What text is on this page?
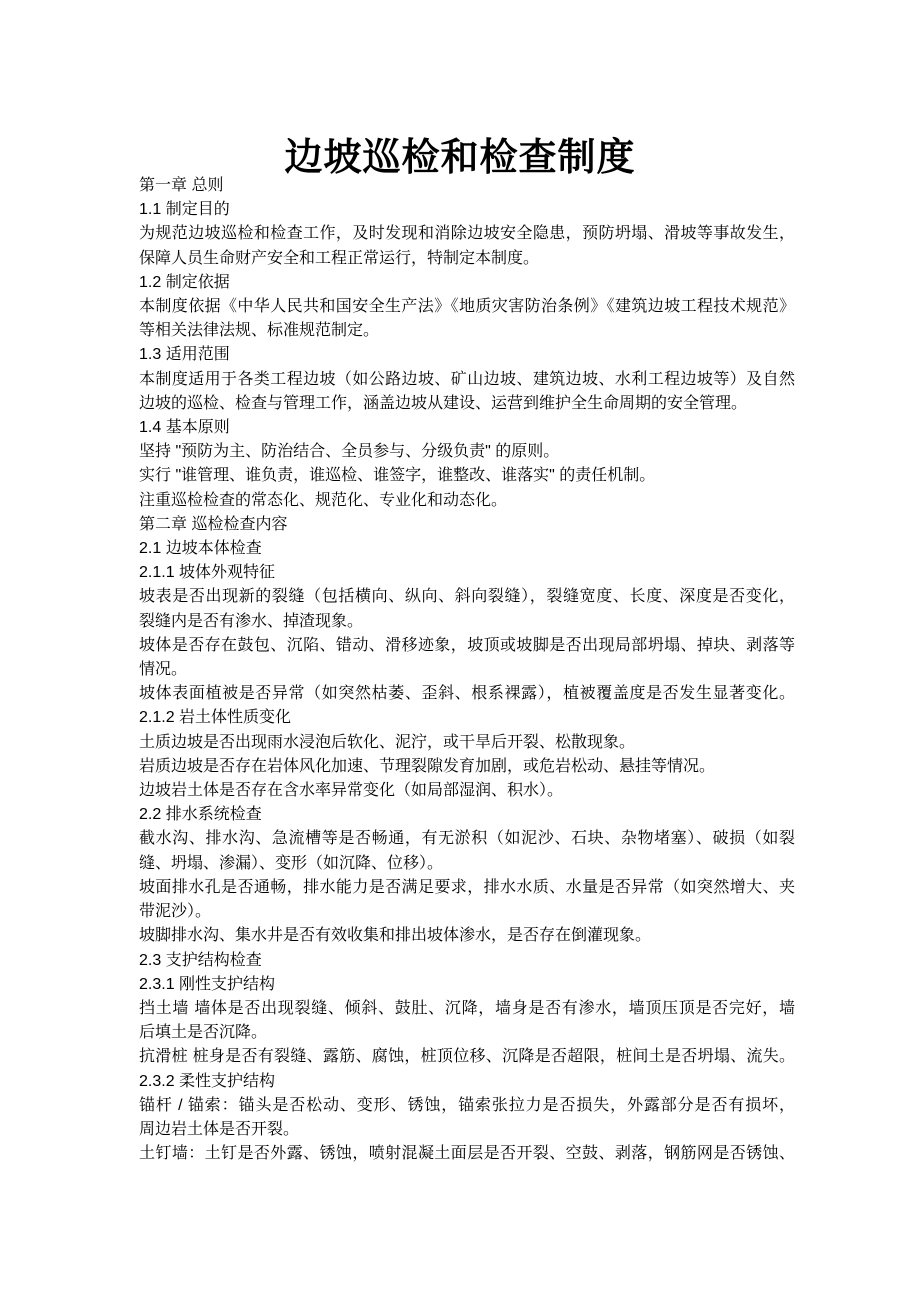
边坡巡检和检查制度
第一章 总则
1.1 制定目的
为规范边坡巡检和检查工作，及时发现和消除边坡安全隐患，预防坍塌、滑坡等事故发生，
保障人员生命财产安全和工程正常运行，特制定本制度。
1.2 制定依据
本制度依据《中华人民共和国安全生产法》《地质灾害防治条例》《建筑边坡工程技术规范》
等相关法律法规、标准规范制定。
1.3 适用范围
本制度适用于各类工程边坡（如公路边坡、矿山边坡、建筑边坡、水利工程边坡等）及自然
边坡的巡检、检查与管理工作，涵盖边坡从建设、运营到维护全生命周期的安全管理。
1.4 基本原则
坚持 "预防为主、防治结合、全员参与、分级负责" 的原则。
实行 "谁管理、谁负责，谁巡检、谁签字，谁整改、谁落实" 的责任机制。
注重巡检检查的常态化、规范化、专业化和动态化。
第二章 巡检检查内容
2.1 边坡本体检查
2.1.1 坡体外观特征
坡表是否出现新的裂缝（包括横向、纵向、斜向裂缝），裂缝宽度、长度、深度是否变化，
裂缝内是否有渗水、掉渣现象。
坡体是否存在鼓包、沉陷、错动、滑移迹象，坡顶或坡脚是否出现局部坍塌、掉块、剥落等
情况。
坡体表面植被是否异常（如突然枯萎、歪斜、根系裸露），植被覆盖度是否发生显著变化。
2.1.2 岩土体性质变化
土质边坡是否出现雨水浸泡后软化、泥泞，或干旱后开裂、松散现象。
岩质边坡是否存在岩体风化加速、节理裂隙发育加剧，或危岩松动、悬挂等情况。
边坡岩土体是否存在含水率异常变化（如局部湿润、积水）。
2.2 排水系统检查
截水沟、排水沟、急流槽等是否畅通，有无淤积（如泥沙、石块、杂物堵塞）、破损（如裂
缝、坍塌、渗漏）、变形（如沉降、位移）。
坡面排水孔是否通畅，排水能力是否满足要求，排水水质、水量是否异常（如突然增大、夹
带泥沙）。
坡脚排水沟、集水井是否有效收集和排出坡体渗水，是否存在倒灌现象。
2.3 支护结构检查
2.3.1 刚性支护结构
挡土墙 墙体是否出现裂缝、倾斜、鼓肚、沉降，墙身是否有渗水，墙顶压顶是否完好，墙
后填土是否沉降。
抗滑桩 桩身是否有裂缝、露筋、腐蚀，桩顶位移、沉降是否超限，桩间土是否坍塌、流失。
2.3.2 柔性支护结构
锚杆 / 锚索：锚头是否松动、变形、锈蚀，锚索张拉力是否损失，外露部分是否有损坏，
周边岩土体是否开裂。
土钉墙：土钉是否外露、锈蚀，喷射混凝土面层是否开裂、空鼓、剥落，钢筋网是否锈蚀、
